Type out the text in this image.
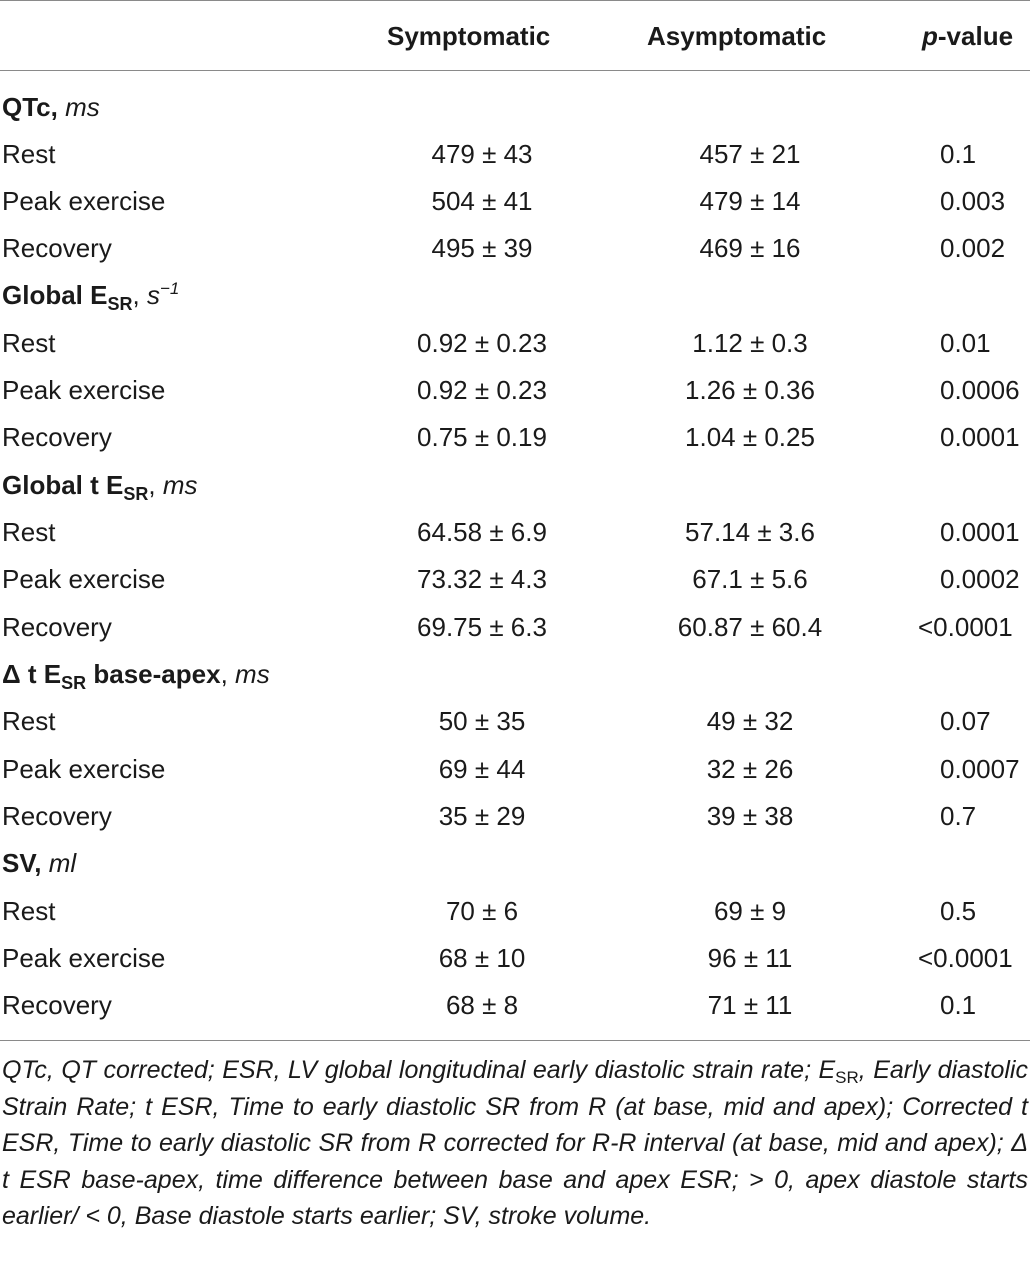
Symptomatic	Asymptomatic	p-value
QTc, ms
Rest	479 ± 43	457 ± 21	0.1
Peak exercise	504 ± 41	479 ± 14	0.003
Recovery	495 ± 39	469 ± 16	0.002
Global $E_{SR}$, $s^{-1}$
Rest	0.92 ± 0.23	1.12 ± 0.3	0.01
Peak exercise	0.92 ± 0.23	1.26 ± 0.36	0.0006
Recovery	0.75 ± 0.19	1.04 ± 0.25	0.0001
Global t $E_{SR}$, ms
Rest	64.58 ± 6.9	57.14 ± 3.6	0.0001
Peak exercise	73.32 ± 4.3	67.1 ± 5.6	0.0002
Recovery	69.75 ± 6.3	60.87 ± 60.4	<0.0001
Δ t $E_{SR}$ base-apex, ms
Rest	50 ± 35	49 ± 32	0.07
Peak exercise	69 ± 44	32 ± 26	0.0007
Recovery	35 ± 29	39 ± 38	0.7
SV, ml
Rest	70 ± 6	69 ± 9	0.5
Peak exercise	68 ± 10	96 ± 11	<0.0001
Recovery	68 ± 8	71 ± 11	0.1
QTc, QT corrected; ESR, LV global longitudinal early diastolic strain rate; $E_{SR}$, Early diastolic Strain Rate; t ESR, Time to early diastolic SR from R (at base, mid and apex); Corrected t ESR, Time to early diastolic SR from R corrected for R-R interval (at base, mid and apex); Δ t ESR base-apex, time difference between base and apex ESR; > 0, apex diastole starts earlier/ < 0, Base diastole starts earlier; SV, stroke volume.
